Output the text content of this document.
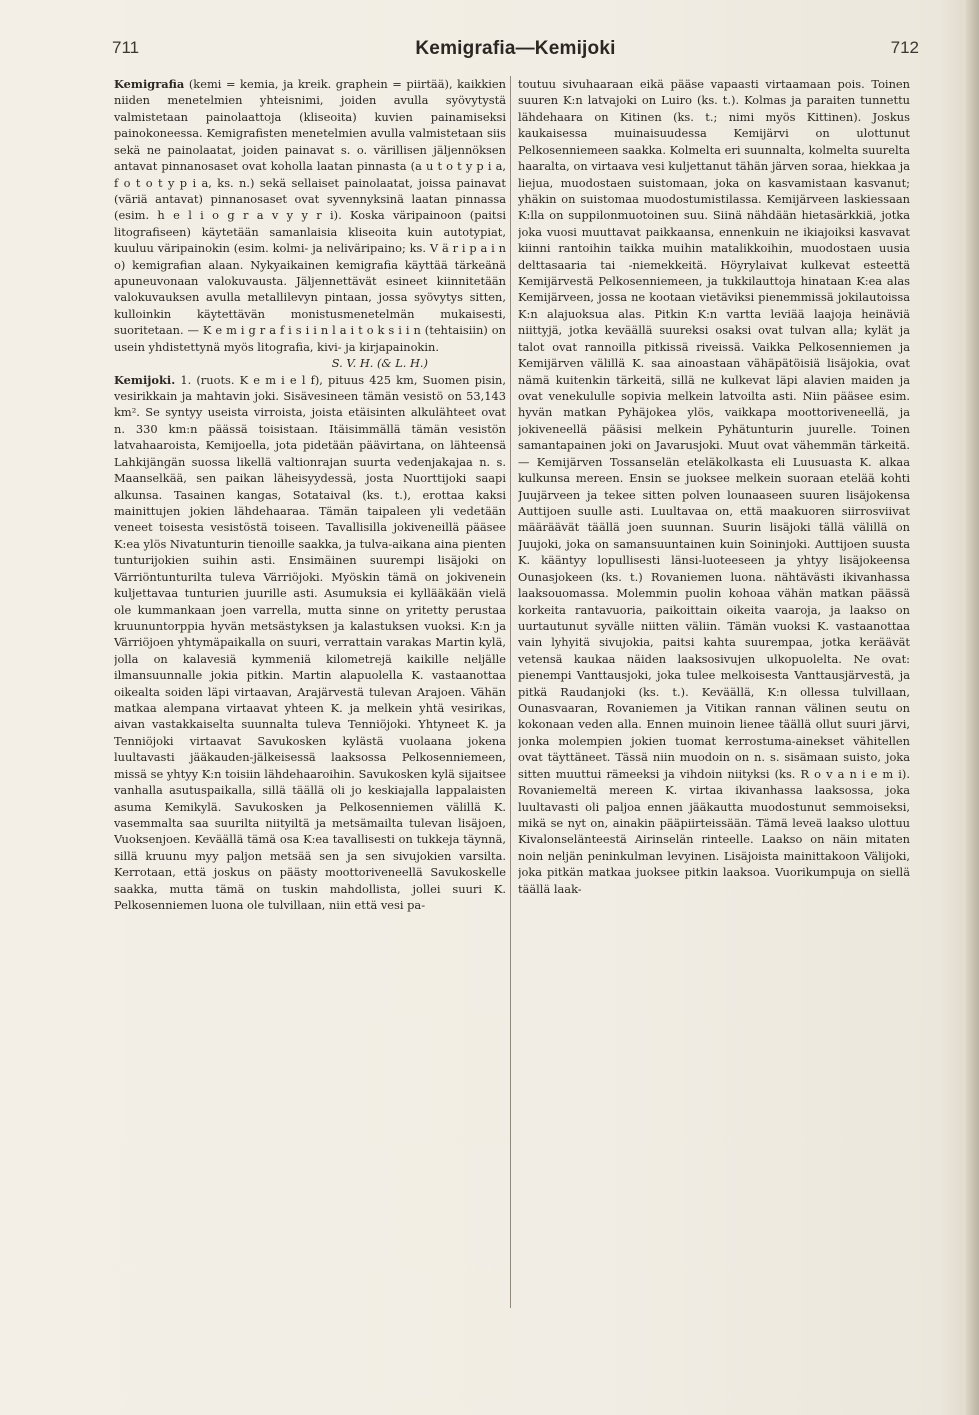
711	Kemigrafia—Kemijoki	712

Kemigrafia (kemi = kemia, ja kreik. graphein = piirtää), kaikkien niiden menetelmien yhteisnimi, joiden avulla syövytystä valmistetaan painolaattoja (kliseoita) kuvien painamiseksi painokoneessa. Kemigrafisten menetelmien avulla valmistetaan siis sekä ne painolaatat, joiden painavat s. o. värillisen jäljennöksen antavat pinnanosaset ovat koholla laatan pinnasta (a u t o t y p i a, f o t o t y p i a, ks. n.) sekä sellaiset painolaatat, joissa painavat (väriä antavat) pinnanosaset ovat syvennyksinä laatan pinnassa (esim. h e l i o g r a v y y r i). Koska väripainoon (paitsi litografiseen) käytetään samanlaisia kliseoita kuin autotypiat, kuuluu väripainokin (esim. kolmi- ja neliväripaino; ks. V ä r i p a i n o) kemigrafian alaan. Nykyaikainen kemigrafia käyttää tärkeänä apuneuvonaan valokuvausta. Jäljennettävät esineet kiinnitetään valokuvauksen avulla metallilevyn pintaan, jossa syövytys sitten, kulloinkin käytettävän monistusmenetelmän mukaisesti, suoritetaan. — K e m i g r a f i s i i n l a i t o k s i i n (tehtaisiin) on usein yhdistettynä myös litografia, kivi- ja kirjapainokin.

S. V. H. (& L. H.)

Kemijoki. 1. (ruots. K e m i e l f), pituus 425 km, Suomen pisin, vesirikkain ja mahtavin joki. Sisävesineen tämän vesistö on 53,143 km². Se syntyy useista virroista, joista etäisinten alkulähteet ovat n. 330 km:n päässä toisistaan. Itäisimmällä tämän vesistön latvahaaroista, Kemijoella, jota pidetään päävirtana, on lähteensä Lahkijängän suossa likellä valtionrajan suurta vedenjakajaa n. s. Maanselkää, sen paikan läheisyydessä, josta Nuorttijoki saapi alkunsa. Tasainen kangas, Sotataival (ks. t.), erottaa kaksi mainittujen jokien lähdehaaraa. Tämän taipaleen yli vedetään veneet toisesta vesistöstä toiseen. Tavallisilla jokiveneillä pääsee K:ea ylös Nivatunturin tienoille saakka, ja tulva-aikana aina pienten tunturijokien suihin asti. Ensimäinen suurempi lisäjoki on Värriöntunturilta tuleva Värriöjoki. Myöskin tämä on jokivenein kuljettavaa tunturien juurille asti. Asumuksia ei kyllääkään vielä ole kummankaan joen varrella, mutta sinne on yritetty perustaa kruununtorppia hyvän metsästyksen ja kalastuksen vuoksi. K:n ja Värriöjoen yhtymäpaikalla on suuri, verrattain varakas Martin kylä, jolla on kalavesiä kymmeniä kilometrejä kaikille neljälle ilmansuunnalle jokia pitkin. Martin alapuolella K. vastaanottaa oikealta soiden läpi virtaavan, Arajärvestä tulevan Arajoen. Vähän matkaa alempana virtaavat yhteen K. ja melkein yhtä vesirikas, aivan vastakkaiselta suunnalta tuleva Tenniöjoki. Yhtyneet K. ja Tenniöjoki virtaavat Savukosken kylästä vuolaana jokena luultavasti jääkauden-jälkeisessä laaksossa Pelkosenniemeen, missä se yhtyy K:n toisiin lähdehaaroihin. Savukosken kylä sijaitsee vanhalla asutuspaikalla, sillä täällä oli jo keskiajalla lappalaisten asuma Kemikylä. Savukosken ja Pelkosenniemen välillä K. vasemmalta saa suurilta niityiltä ja metsämailta tulevan lisäjoen, Vuoksenjoen. Keväällä tämä osa K:ea tavallisesti on tukkeja täynnä, sillä kruunu myy paljon metsää sen ja sen sivujokien varsilta. Kerrotaan, että joskus on päästy moottoriveneellä Savukoskelle saakka, mutta tämä on tuskin mahdollista, jollei suuri K. Pelkosenniemen luona ole tulvillaan, niin että vesi pa-

toutuu sivuhaaraan eikä pääse vapaasti virtaamaan pois. Toinen suuren K:n latvajoki on Luiro (ks. t.). Kolmas ja paraiten tunnettu lähdehaara on Kitinen (ks. t.; nimi myös Kittinen). Joskus kaukaisessa muinaisuudessa Kemijärvi on ulottunut Pelkosenniemeen saakka. Kolmelta eri suunnalta, kolmelta suurelta haaralta, on virtaava vesi kuljettanut tähän järven soraa, hiekkaa ja liejua, muodostaen suistomaan, joka on kasvamistaan kasvanut; yhäkin on suistomaa muodostumistilassa. Kemijärveen laskiessaan K:lla on suppilonmuotoinen suu. Siinä nähdään hietasärkkiä, jotka joka vuosi muuttavat paikkaansa, ennenkuin ne ikiajoiksi kasvavat kiinni rantoihin taikka muihin matalikkoihin, muodostaen uusia delttasaaria tai -niemekkeitä. Höyrylaivat kulkevat esteettä Kemijärvestä Pelkosenniemeen, ja tukkilauttoja hinataan K:ea alas Kemijärveen, jossa ne kootaan vietäviksi pienemmissä jokilautoissa K:n alajuoksua alas. Pitkin K:n vartta leviää laajoja heinäviä niittyjä, jotka keväällä suureksi osaksi ovat tulvan alla; kylät ja talot ovat rannoilla pitkissä riveissä. Vaikka Pelkosenniemen ja Kemijärven välillä K. saa ainoastaan vähäpätöisiä lisäjokia, ovat nämä kuitenkin tärkeitä, sillä ne kulkevat läpi alavien maiden ja ovat venekululle sopivia melkein latvoilta asti. Niin pääsee esim. hyvän matkan Pyhäjokea ylös, vaikkapa moottoriveneellä, ja jokiveneellä pääsisi melkein Pyhätunturin juurelle. Toinen samantapainen joki on Javarusjoki. Muut ovat vähemmän tärkeitä. — Kemijärven Tossanselän eteläkolkasta eli Luusuasta K. alkaa kulkunsa mereen. Ensin se juoksee melkein suoraan etelää kohti Juujärveen ja tekee sitten polven lounaaseen suuren lisäjokensa Auttijoen suulle asti. Luultavaa on, että maakuoren siirrosviivat määräävät täällä joen suunnan. Suurin lisäjoki tällä välillä on Juujoki, joka on samansuuntainen kuin Soininjoki. Auttijoen suusta K. kääntyy lopullisesti länsi-luoteeseen ja yhtyy lisäjokeensa Ounasjokeen (ks. t.) Rovaniemen luona. nähtävästi ikivanhassa laaksouomassa. Molemmin puolin kohoaa vähän matkan päässä korkeita rantavuoria, paikoittain oikeita vaaroja, ja laakso on uurtautunut syvälle niitten väliin. Tämän vuoksi K. vastaanottaa vain lyhyitä sivujokia, paitsi kahta suurempaa, jotka keräävät vetensä kaukaa näiden laaksosivujen ulkopuolelta. Ne ovat: pienempi Vanttausjoki, joka tulee melkoisesta Vanttausjärvestä, ja pitkä Raudanjoki (ks. t.). Keväällä, K:n ollessa tulvillaan, Ounasvaaran, Rovaniemen ja Vitikan rannan välinen seutu on kokonaan veden alla. Ennen muinoin lienee täällä ollut suuri järvi, jonka molempien jokien tuomat kerrostuma-ainekset vähitellen ovat täyttäneet. Tässä niin muodoin on n. s. sisämaan suisto, joka sitten muuttui rämeeksi ja vihdoin niityksi (ks. R o v a n i e m i). Rovaniemeltä mereen K. virtaa ikivanhassa laaksossa, joka luultavasti oli paljoa ennen jääkautta muodostunut semmoiseksi, mikä se nyt on, ainakin pääpiirteissään. Tämä leveä laakso ulottuu Kivalonselänteestä Airinselän rinteelle. Laakso on näin mitaten noin neljän peninkulman levyinen. Lisäjoista mainittakoon Välijoki, joka pitkän matkaa juoksee pitkin laaksoa. Vuorikumpuja on siellä täällä laak-
